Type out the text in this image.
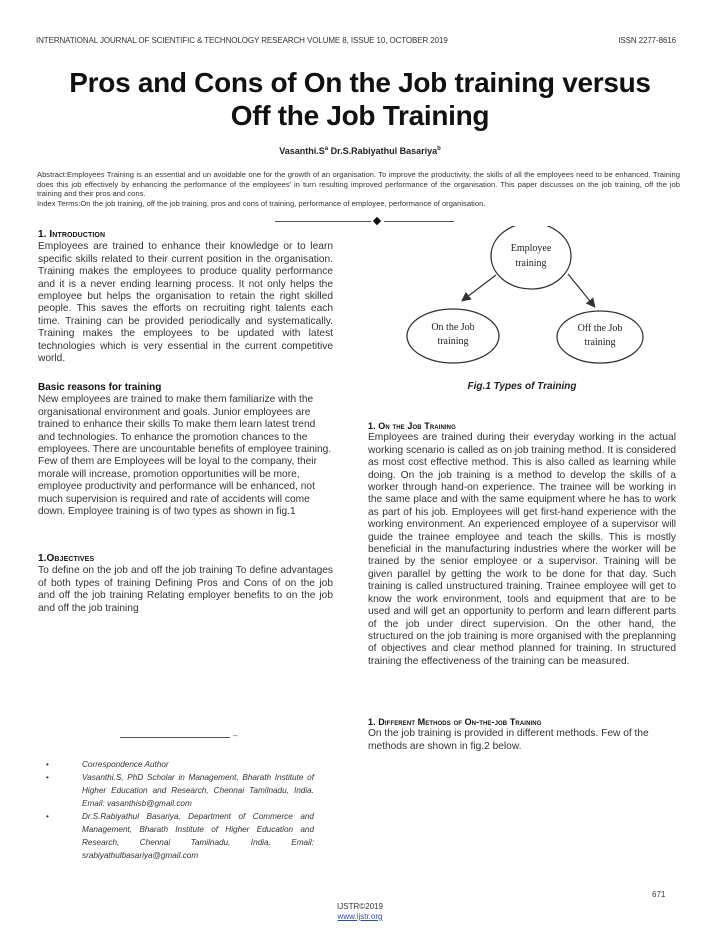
INTERNATIONAL JOURNAL OF SCIENTIFIC & TECHNOLOGY RESEARCH VOLUME 8, ISSUE 10, OCTOBER 2019	ISSN 2277-8616
Pros and Cons of On the Job training versus
Off the Job Training
$Vasanthi.S^a$ Dr.S.Rabiyathul Basariya$^b$
Abstract:Employees Training is an essential and un avoidable one for the growth of an organisation. To improve the productivity, the skills of all the employees need to be enhanced. Training does this job effectively by enhancing the performance of the employees' in turn resulting improved performance of the organisation. This paper discusses on the job training, off the job training and their pros and cons.
Index Terms:On the job training, off the job training, pros and cons of training, performance of employee, performance of organisation.
1. Introduction

Employees are trained to enhance their knowledge or to learn specific skills related to their current position in the organisation. Training makes the employees to produce quality performance and it is a never ending learning process. It not only helps the employee but helps the organisation to retain the right skilled people. This saves the efforts on recruiting right talents each time. Training can be provided periodically and systematically. Training makes the employees to be updated with latest technologies which is very essential in the current competitive world.

Basic reasons for training

New employees are trained to make them familiarize with the organisational environment and goals. Junior employees are trained to enhance their skills To make them learn latest trend and technologies. To enhance the promotion chances to the employees. There are uncountable benefits of employee training. Few of them are Employees will be loyal to the company, their morale will increase, promotion opportunities will be more, employee productivity and performance will be enhanced, not much supervision is required and rate of accidents will come down. Employee training is of two types as shown in fig.1

1.Objectives

To define on the job and off the job training To define advantages of both types of training Defining Pros and Cons of on the job and off the job training Relating employer benefits to on the job and off the job training

–
• Correspondence Author
• Vasanthi.S, PhD Scholar in Management, Bharath Institute of Higher Education and Research, Chennai Tamilnadu, India. Email: vasanthisb@gmail.com
• Dr.S.Rabiyathul Basariya, Department of Commerce and Management, Bharath Institute of Higher Education and Research, Chennai Tamilnadu, India. Email: srabiyathulbasariya@gmail.com
Employee
training
On the Job
training
Off the Job
training
Fig.1 Types of Training
1. On the Job Training

Employees are trained during their everyday working in the actual working scenario is called as on job training method. It is considered as most cost effective method. This is also called as learning while doing. On the job training is a method to develop the skills of a worker through hand-on experience. The trainee will be working in the same place and with the same equipment where he has to work as part of his job. Employees will get first-hand experience with the working environment. An experienced employee of a supervisor will guide the trainee employee and teach the skills. This is mostly beneficial in the manufacturing industries where the worker will be trained by the senior employee or a supervisor. Training will be given parallel by getting the work to be done for that day. Such training is called unstructured training. Trainee employee will get to know the work environment, tools and equipment that are to be used and will get an opportunity to perform and learn different parts of the job under direct supervision. On the other hand, the structured on the job training is more organised with the preplanning of objectives and clear method planned for training. In structured training the effectiveness of the training can be measured.

1. Different Methods of On-the-job Training

On the job training is provided in different methods. Few of the methods are shown in fig.2 below.

671
IJSTR©2019
www.ijstr.org
